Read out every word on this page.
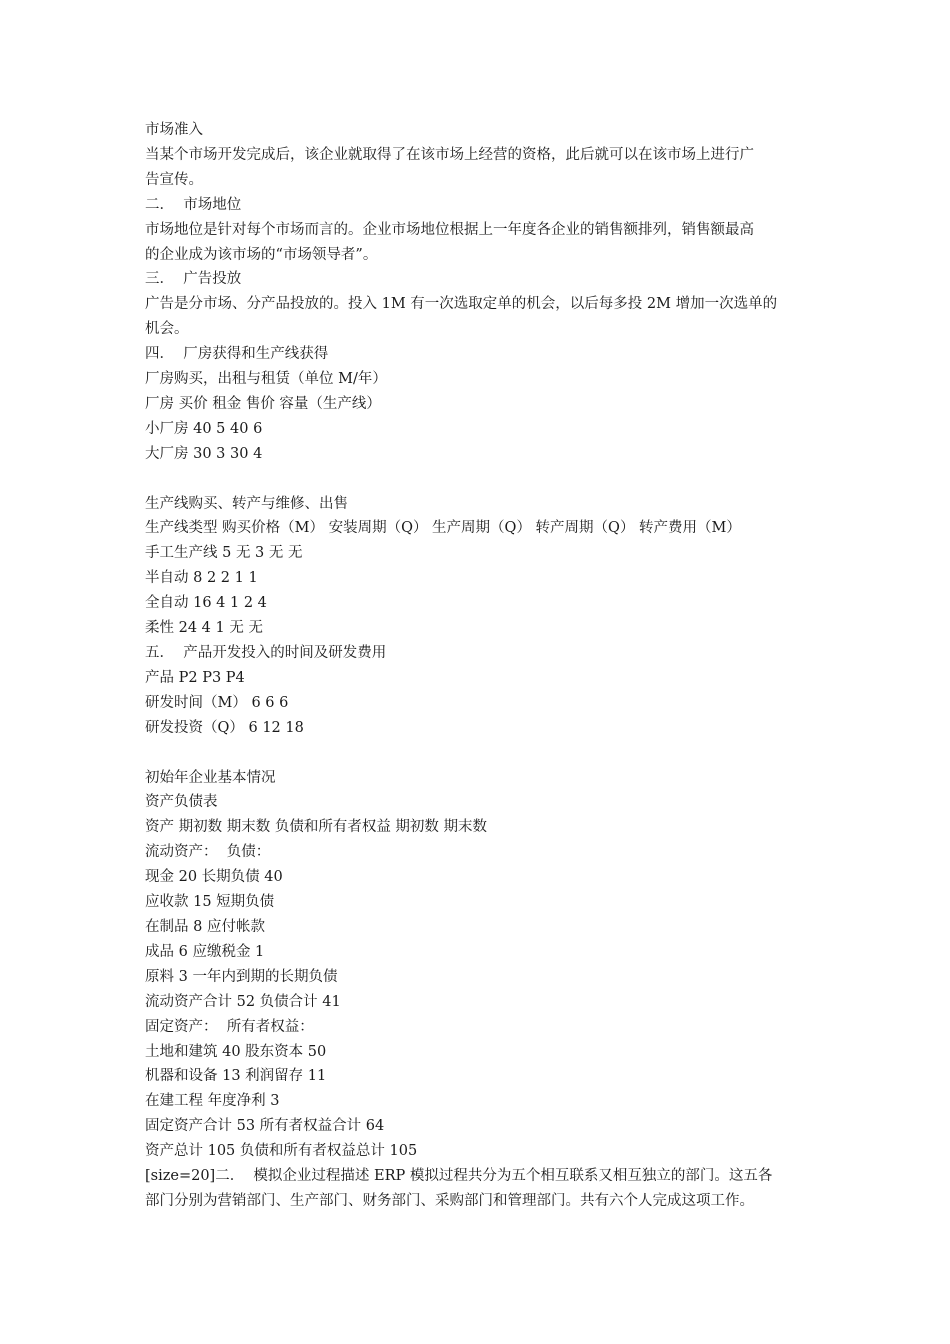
市场准入
当某个市场开发完成后，该企业就取得了在该市场上经营的资格，此后就可以在该市场上进行广
告宣传。
二．  市场地位
市场地位是针对每个市场而言的。企业市场地位根据上一年度各企业的销售额排列，销售额最高
的企业成为该市场的“市场领导者”。
三．  广告投放
广告是分市场、分产品投放的。投入 1M 有一次选取定单的机会，以后每多投 2M 增加一次选单的
机会。
四．  厂房获得和生产线获得
厂房购买，出租与租赁（单位 M/年）
厂房 买价 租金 售价 容量（生产线）
小厂房 40 5 40 6
大厂房 30 3 30 4
生产线购买、转产与维修、出售
生产线类型 购买价格（M） 安装周期（Q） 生产周期（Q） 转产周期（Q） 转产费用（M）
手工生产线 5 无 3 无 无
半自动 8 2 2 1 1
全自动 16 4 1 2 4
柔性 24 4 1 无 无
五．  产品开发投入的时间及研发费用
产品 P2 P3 P4
研发时间（M） 6 6 6
研发投资（Q） 6 12 18
初始年企业基本情况
资产负债表
资产 期初数 期末数 负债和所有者权益 期初数 期末数
流动资产：  负债：
现金 20 长期负债 40
应收款 15 短期负债
在制品 8 应付帐款
成品 6 应缴税金 1
原料 3 一年内到期的长期负债
流动资产合计 52 负债合计 41
固定资产：  所有者权益：
土地和建筑 40 股东资本 50
机器和设备 13 利润留存 11
在建工程 年度净利 3
固定资产合计 53 所有者权益合计 64
资产总计 105 负债和所有者权益总计 105
[size=20]二．  模拟企业过程描述 ERP 模拟过程共分为五个相互联系又相互独立的部门。这五各
部门分别为营销部门、生产部门、财务部门、采购部门和管理部门。共有六个人完成这项工作。
